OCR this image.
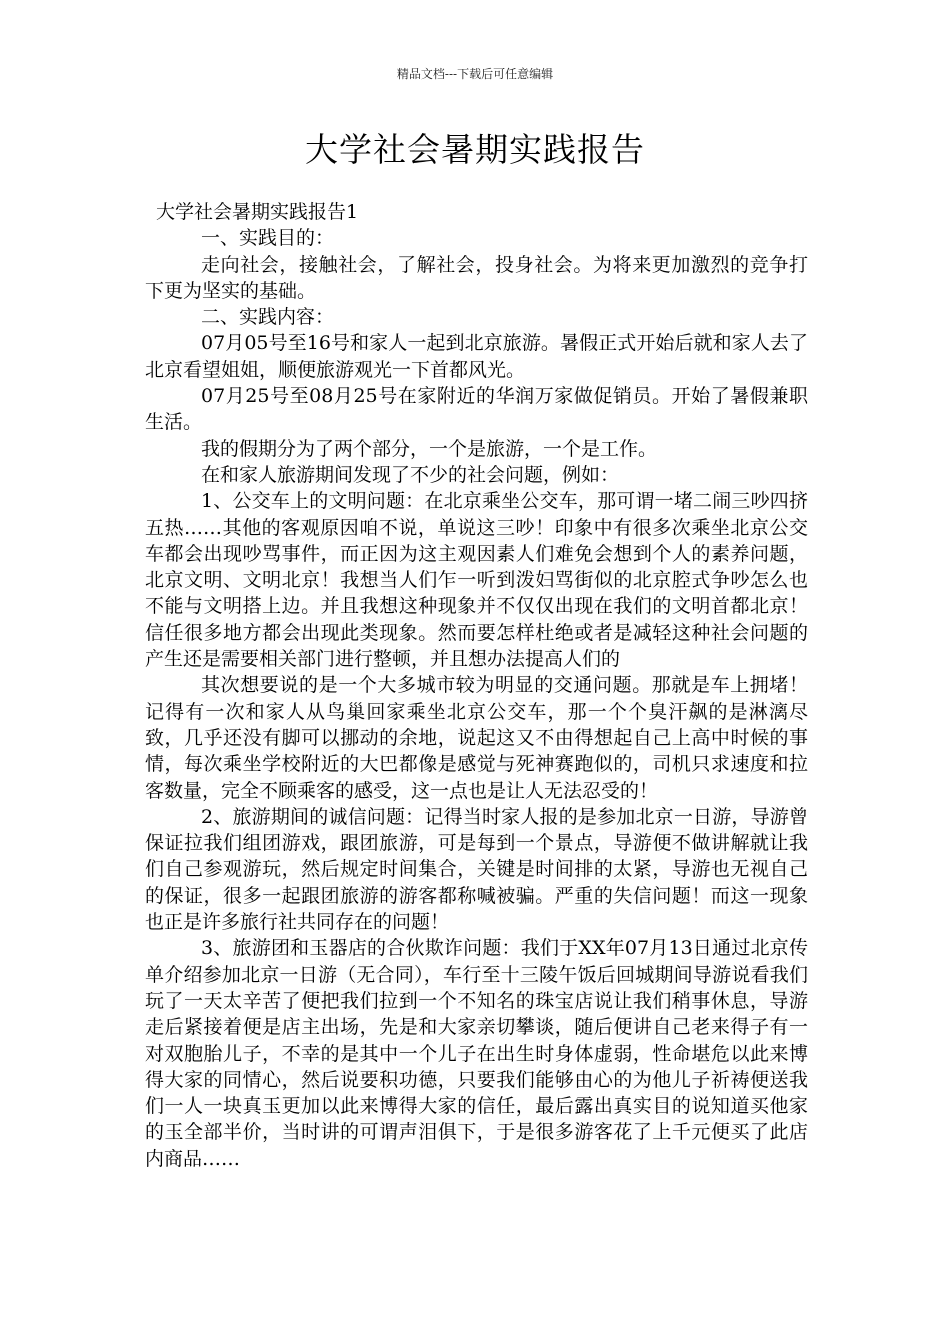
精品文档---下载后可任意编辑
大学社会暑期实践报告

大学社会暑期实践报告1

一、实践目的：

走向社会，接触社会，了解社会，投身社会。为将来更加激烈的竞争打下更为坚实的基础。

二、实践内容：

07月05号至16号和家人一起到北京旅游。暑假正式开始后就和家人去了北京看望姐姐，顺便旅游观光一下首都风光。

07月25号至08月25号在家附近的华润万家做促销员。开始了暑假兼职生活。

我的假期分为了两个部分，一个是旅游，一个是工作。

在和家人旅游期间发现了不少的社会问题，例如：

1、公交车上的文明问题：在北京乘坐公交车，那可谓一堵二闹三吵四挤五热……其他的客观原因咱不说，单说这三吵！印象中有很多次乘坐北京公交车都会出现吵骂事件，而正因为这主观因素人们难免会想到个人的素养问题，北京文明、文明北京！我想当人们乍一听到泼妇骂街似的北京腔式争吵怎么也不能与文明搭上边。并且我想这种现象并不仅仅出现在我们的文明首都北京！信任很多地方都会出现此类现象。然而要怎样杜绝或者是减轻这种社会问题的产生还是需要相关部门进行整顿，并且想办法提高人们的

其次想要说的是一个大多城市较为明显的交通问题。那就是车上拥堵！记得有一次和家人从鸟巢回家乘坐北京公交车，那一个个臭汗飙的是淋漓尽致，几乎还没有脚可以挪动的余地，说起这又不由得想起自己上高中时候的事情，每次乘坐学校附近的大巴都像是感觉与死神赛跑似的，司机只求速度和拉客数量，完全不顾乘客的感受，这一点也是让人无法忍受的！

2、旅游期间的诚信问题：记得当时家人报的是参加北京一日游，导游曾保证拉我们组团游戏，跟团旅游，可是每到一个景点，导游便不做讲解就让我们自己参观游玩，然后规定时间集合，关键是时间排的太紧，导游也无视自己的保证，很多一起跟团旅游的游客都称喊被骗。严重的失信问题！而这一现象也正是许多旅行社共同存在的问题！

3、旅游团和玉器店的合伙欺诈问题：我们于XX年07月13日通过北京传单介绍参加北京一日游（无合同），车行至十三陵午饭后回城期间导游说看我们玩了一天太辛苦了便把我们拉到一个不知名的珠宝店说让我们稍事休息，导游走后紧接着便是店主出场，先是和大家亲切攀谈，随后便讲自己老来得子有一对双胞胎儿子，不幸的是其中一个儿子在出生时身体虚弱，性命堪危以此来博得大家的同情心，然后说要积功德，只要我们能够由心的为他儿子祈祷便送我们一人一块真玉更加以此来博得大家的信任，最后露出真实目的说知道买他家的玉全部半价，当时讲的可谓声泪俱下，于是很多游客花了上千元便买了此店内商品……
